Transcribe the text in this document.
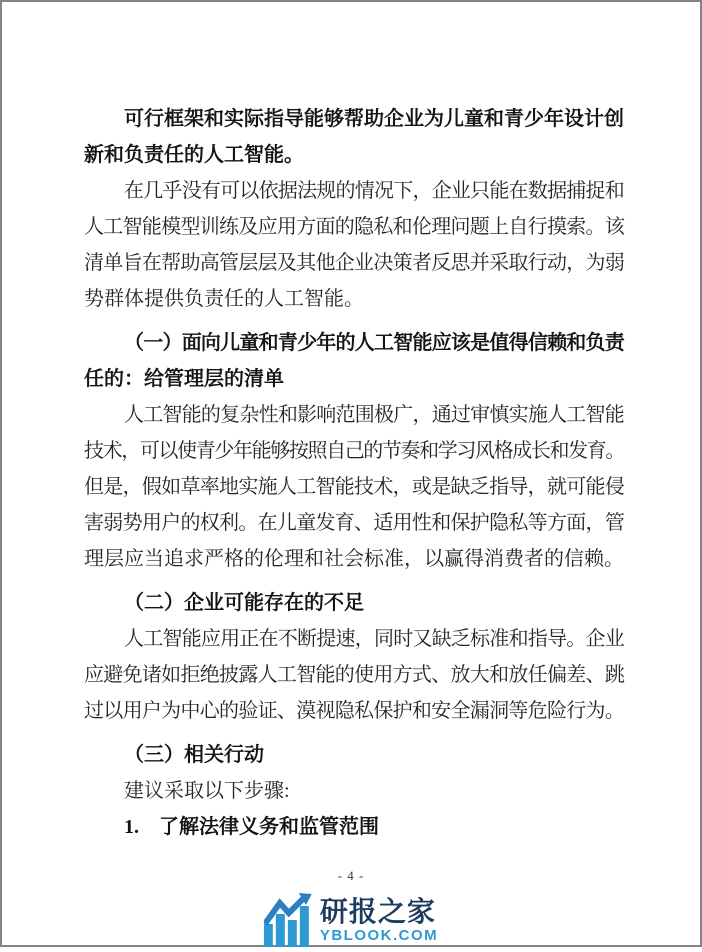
可行框架和实际指导能够帮助企业为儿童和青少年设计创
新和负责任的人工智能。
在几乎没有可以依据法规的情况下，企业只能在数据捕捉和
人工智能模型训练及应用方面的隐私和伦理问题上自行摸索。该
清单旨在帮助高管层层及其他企业决策者反思并采取行动，为弱
势群体提供负责任的人工智能。
（一）面向儿童和青少年的人工智能应该是值得信赖和负责
任的：给管理层的清单
人工智能的复杂性和影响范围极广，通过审慎实施人工智能
技术，可以使青少年能够按照自己的节奏和学习风格成长和发育。
但是，假如草率地实施人工智能技术，或是缺乏指导，就可能侵
害弱势用户的权利。在儿童发育、适用性和保护隐私等方面，管
理层应当追求严格的伦理和社会标准，以赢得消费者的信赖。
（二）企业可能存在的不足
人工智能应用正在不断提速，同时又缺乏标准和指导。企业
应避免诸如拒绝披露人工智能的使用方式、放大和放任偏差、跳
过以用户为中心的验证、漠视隐私保护和安全漏洞等危险行为。
（三）相关行动
建议采取以下步骤:
1.　了解法律义务和监管范围
- 4 -
研报之家
YBLOOK.COM
